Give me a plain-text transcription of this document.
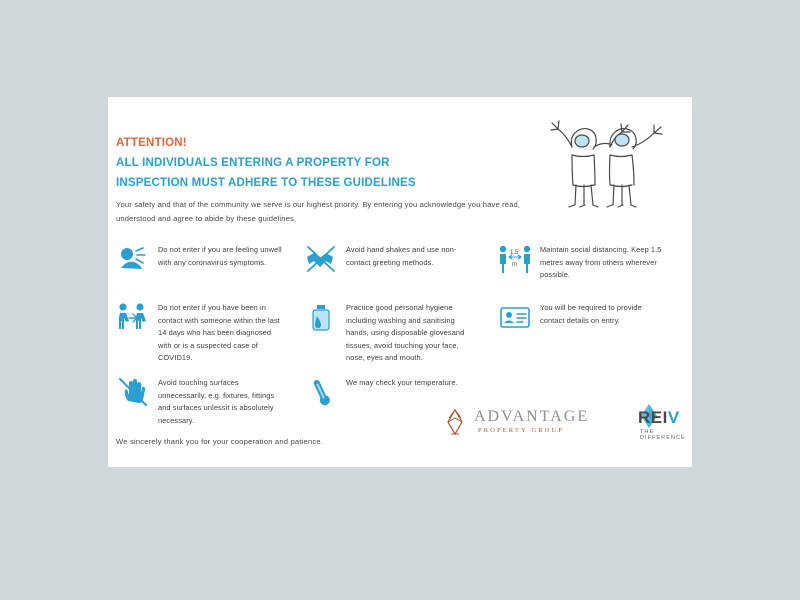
ATTENTION!
ALL INDIVIDUALS ENTERING A PROPERTY FOR
INSPECTION MUST ADHERE TO THESE GUIDELINES
Your safety and that of the community we serve is our highest priority. By entering you acknowledge you have read, understood and agree to abide by these guidelines.
Do not enter if you are feeling unwell with any coronavirus symptoms.
Do not enter if you have been in contact with someone within the last 14 days who has been diagnosed with or is a suspected case of COVID19.
Avoid touching surfaces unnecessarily, e.g. fixtures, fittings and surfaces unlessit is absolutely necessary.
Avoid hand shakes and use non-contact greeting methods.
Practice good personal hygiene including washing and sanitising hands, using disposable glovesand tissues, avoid touching your face, nose, eyes and mouth.
We may check your temperature.
1.5
m
Maintain social distancing. Keep 1.5 metres away from others wherever possible.
You will be required to provide contact details on entry.
ADVANTAGE
PROPERTY GROUP
REIV
THE DIFFERENCE
We sincerely thank you for your cooperation and patience.
